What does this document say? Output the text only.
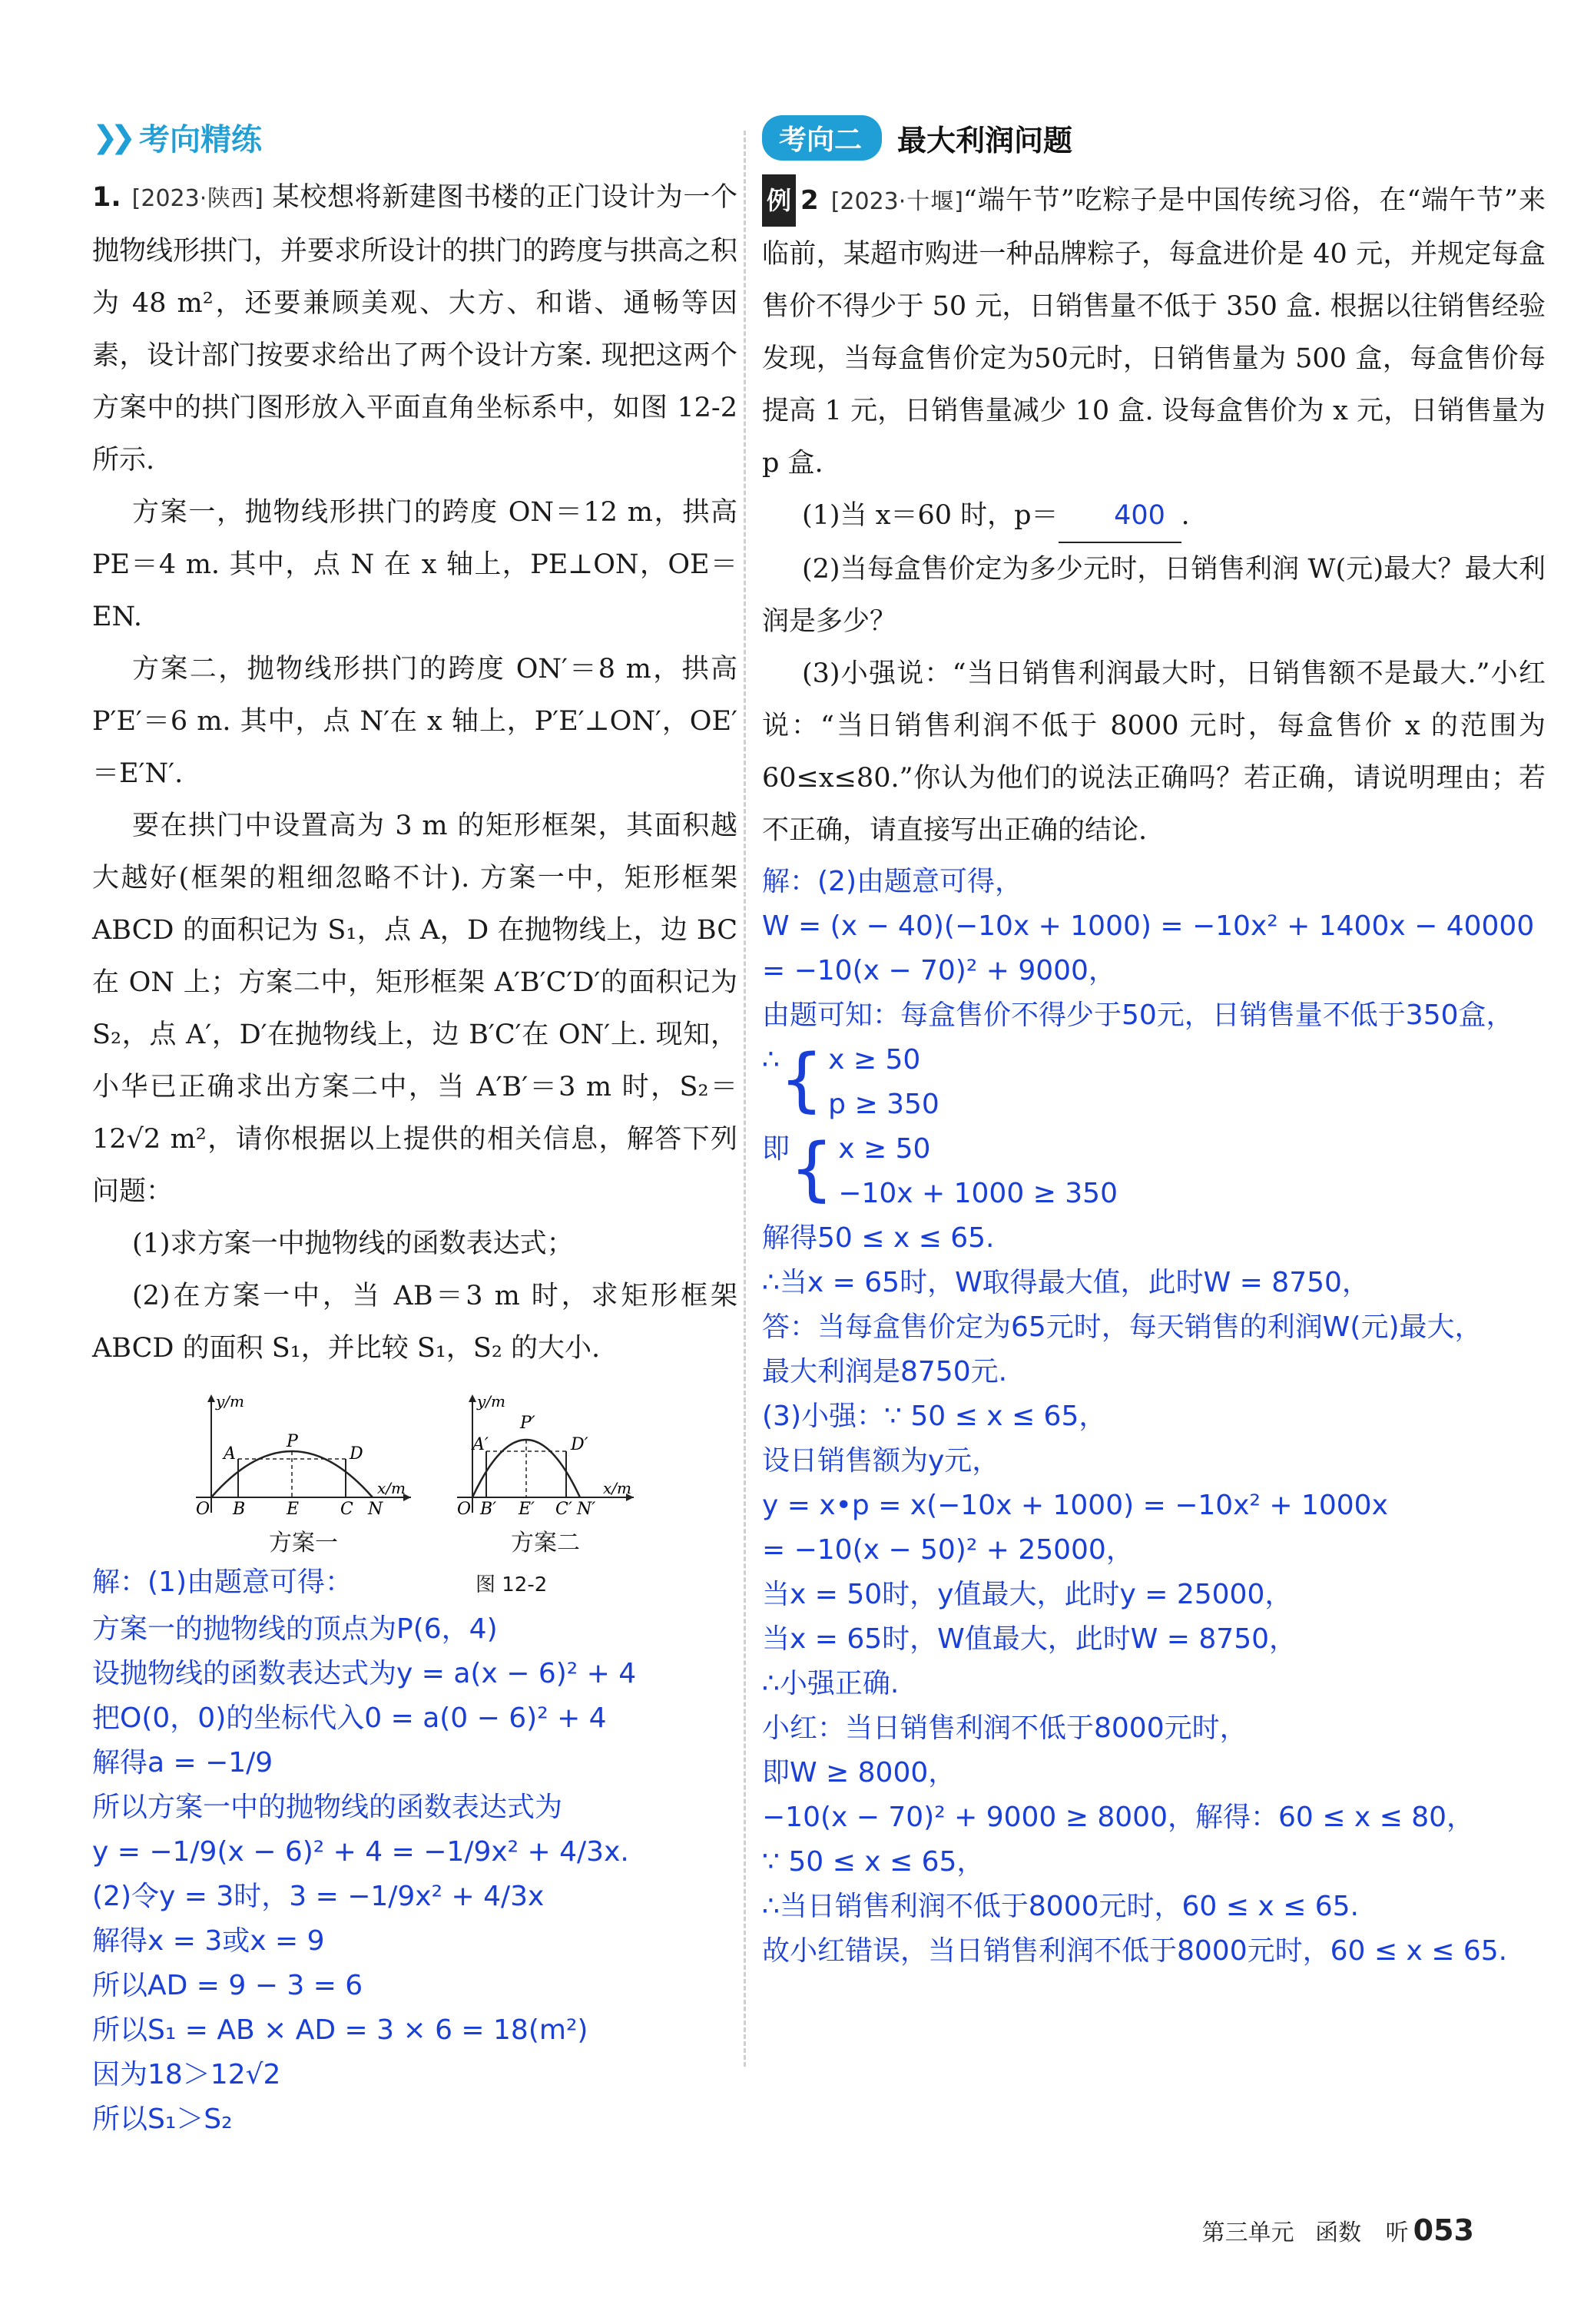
❯❯ 考向精练

1. [2023·陕西] 某校想将新建图书楼的正门设计为一个抛物线形拱门，并要求所设计的拱门的跨度与拱高之积为 48 m²，还要兼顾美观、大方、和谐、通畅等因素，设计部门按要求给出了两个设计方案. 现把这两个方案中的拱门图形放入平面直角坐标系中，如图 12-2 所示.

方案一，抛物线形拱门的跨度 ON＝12 m，拱高 PE＝4 m. 其中，点 N 在 x 轴上，PE⊥ON，OE＝EN.

方案二，抛物线形拱门的跨度 ON′＝8 m，拱高 P′E′＝6 m. 其中，点 N′在 x 轴上，P′E′⊥ON′，OE′＝E′N′.

要在拱门中设置高为 3 m 的矩形框架，其面积越大越好(框架的粗细忽略不计). 方案一中，矩形框架 ABCD 的面积记为 S₁，点 A，D 在抛物线上，边 BC 在 ON 上；方案二中，矩形框架 A′B′C′D′的面积记为 S₂，点 A′，D′在抛物线上，边 B′C′在 ON′上. 现知，小华已正确求出方案二中，当 A′B′＝3 m 时，S₂＝12√2 m²，请你根据以上提供的相关信息，解答下列问题：

(1)求方案一中抛物线的函数表达式；

(2)在方案一中，当 AB＝3 m 时，求矩形框架 ABCD 的面积 S₁，并比较 S₁，S₂ 的大小.

y/m
x/m
O B E C N
A
P
D
方案一
y/m
x/m
O B′ E′ C′ N′
A′
P′
D′
方案二

解：(1)由题意可得：	图 12-2

方案一的抛物线的顶点为P(6，4)

设抛物线的函数表达式为y = a(x − 6)² + 4

把O(0，0)的坐标代入0 = a(0 − 6)² + 4

解得a = −1/9

所以方案一中的抛物线的函数表达式为

y = −1/9(x − 6)² + 4 = −1/9x² + 4/3x.

(2)令y = 3时，3 = −1/9x² + 4/3x

解得x = 3或x = 9

所以AD = 9 − 3 = 6

所以S₁ = AB × AD = 3 × 6 = 18(m²)

因为18＞12√2

所以S₁＞S₂

考向二	最大利润问题

例 2 [2023·十堰]“端午节”吃粽子是中国传统习俗，在“端午节”来临前，某超市购进一种品牌粽子，每盒进价是 40 元，并规定每盒售价不得少于 50 元，日销售量不低于 350 盒. 根据以往销售经验发现，当每盒售价定为50元时，日销售量为 500 盒，每盒售价每提高 1 元，日销售量减少 10 盒. 设每盒售价为 x 元，日销售量为 p 盒.

(1)当 x＝60 时，p＝ 400 .

(2)当每盒售价定为多少元时，日销售利润 W(元)最大？最大利润是多少？

(3)小强说：“当日销售利润最大时，日销售额不是最大.”小红说：“当日销售利润不低于 8000 元时，每盒售价 x 的范围为 60≤x≤80.”你认为他们的说法正确吗？若正确，请说明理由；若不正确，请直接写出正确的结论.

解：(2)由题意可得，

W = (x − 40)(−10x + 1000) = −10x² + 1400x − 40000

= −10(x − 70)² + 9000，

由题可知：每盒售价不得少于50元，日销售量不低于350盒，

∴ { x ≥ 50
p ≥ 350

即 { x ≥ 50
−10x + 1000 ≥ 350

解得50 ≤ x ≤ 65.

∴当x = 65时，W取得最大值，此时W = 8750，

答：当每盒售价定为65元时，每天销售的利润W(元)最大，

最大利润是8750元.

(3)小强：∵ 50 ≤ x ≤ 65，

设日销售额为y元，

y = x•p = x(−10x + 1000) = −10x² + 1000x

= −10(x − 50)² + 25000，

当x = 50时，y值最大，此时y = 25000，

当x = 65时，W值最大，此时W = 8750，

∴小强正确.

小红：当日销售利润不低于8000元时，

即W ≥ 8000，

−10(x − 70)² + 9000 ≥ 8000，解得：60 ≤ x ≤ 80，

∵ 50 ≤ x ≤ 65，

∴当日销售利润不低于8000元时，60 ≤ x ≤ 65.

故小红错误，当日销售利润不低于8000元时，60 ≤ x ≤ 65.

第三单元 函数 听 053
